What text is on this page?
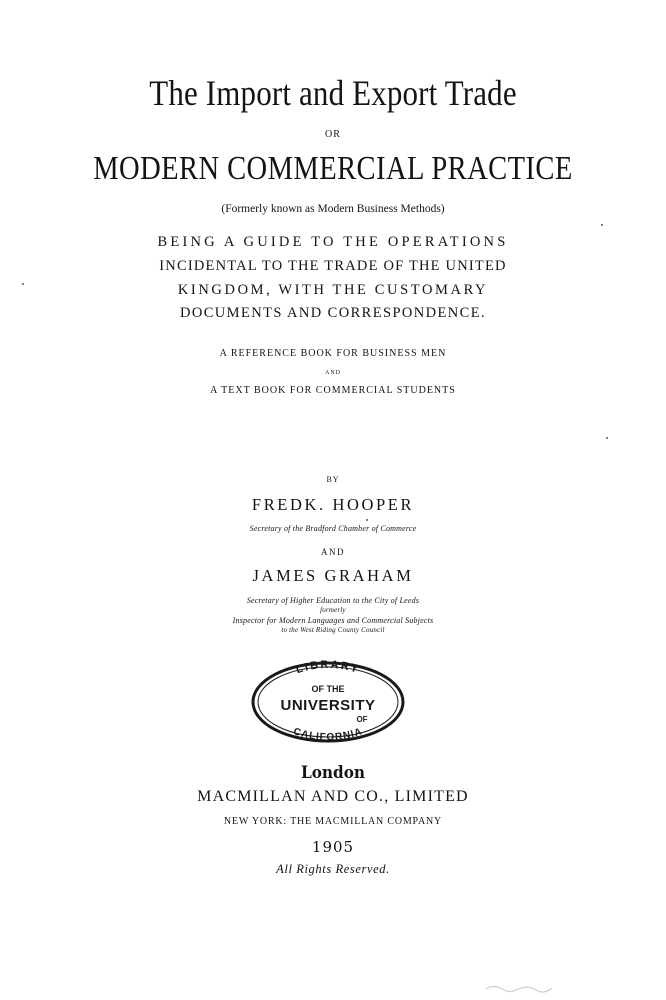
The Import and Export Trade
OR
MODERN COMMERCIAL PRACTICE
(Formerly known as Modern Business Methods)
BEING A GUIDE TO THE OPERATIONS
INCIDENTAL TO THE TRADE OF THE UNITED
KINGDOM, WITH THE CUSTOMARY
DOCUMENTS AND CORRESPONDENCE.
A REFERENCE BOOK FOR BUSINESS MEN
AND
A TEXT BOOK FOR COMMERCIAL STUDENTS
BY
FREDK. HOOPER
Secretary of the Bradford Chamber of Commerce
AND
JAMES GRAHAM
Secretary of Higher Education to the City of Leeds
formerly
Inspector for Modern Languages and Commercial Subjects
to the West Riding County Council
LIBRARY
OF THE
UNIVERSITY
OF
CALIFORNIA
London
MACMILLAN AND CO., LIMITED
NEW YORK: THE MACMILLAN COMPANY
1905
All Rights Reserved.
